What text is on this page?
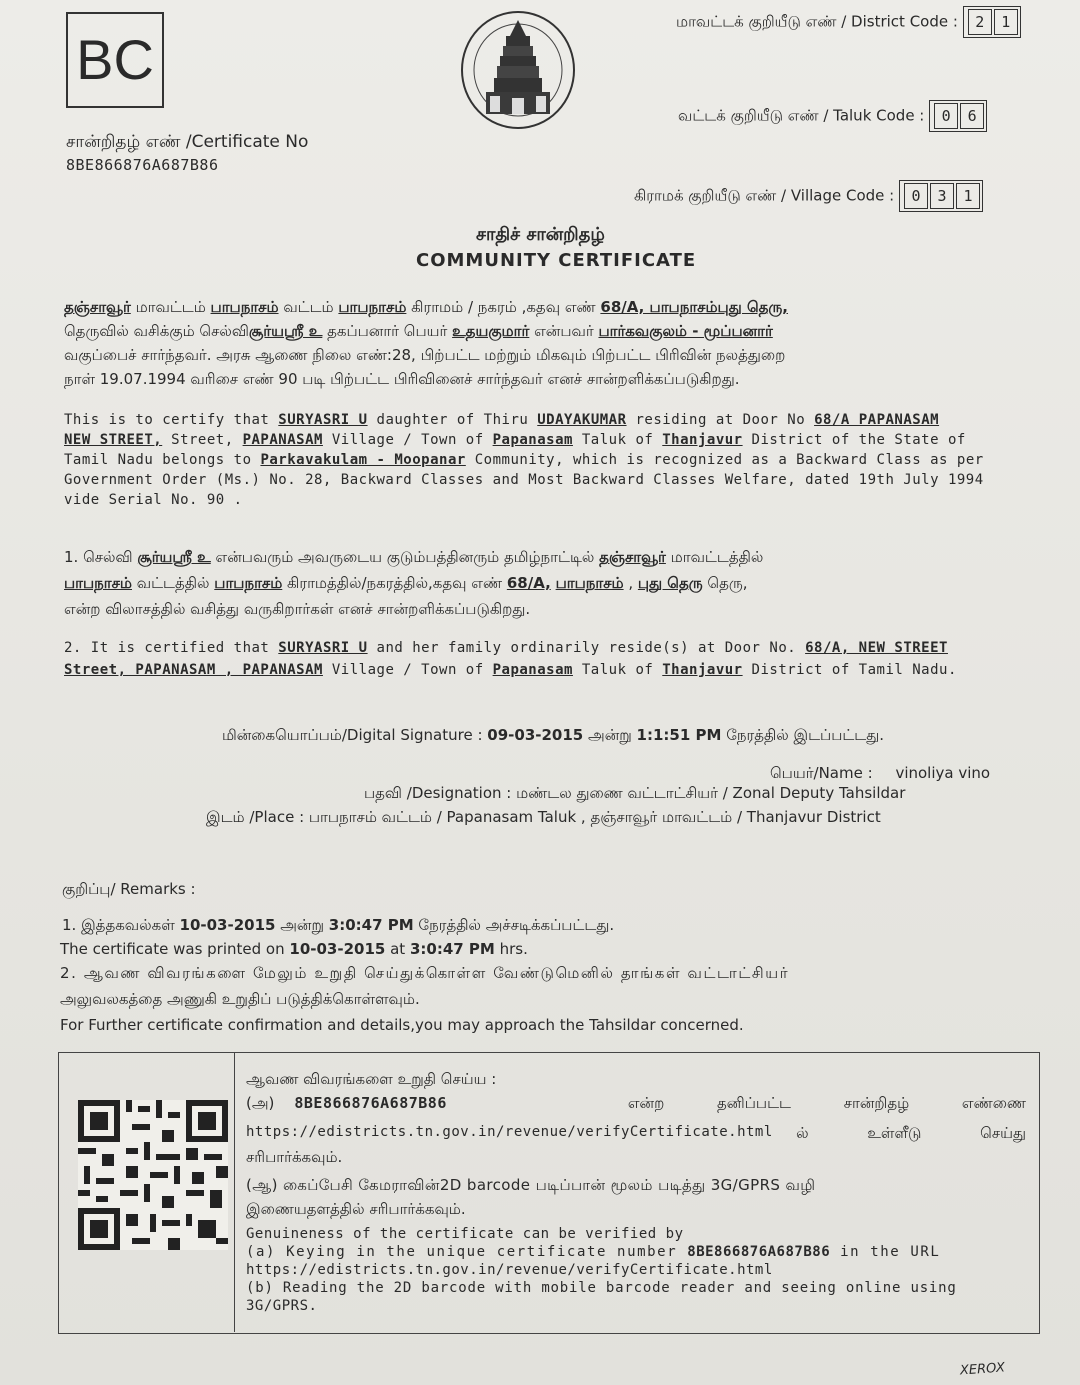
BC
மாவட்டக் குறியீடு எண் / District Code : 2 1
வட்டக் குறியீடு எண் / Taluk Code : 0 6
கிராமக் குறியீடு எண் / Village Code : 0 3 1
சான்றிதழ் எண் /Certificate No
8BE866876A687B86
சாதிச் சான்றிதழ்
COMMUNITY CERTIFICATE
தஞ்சாவூர் மாவட்டம் பாபநாசம் வட்டம் பாபநாசம் கிராமம் / நகரம் ,கதவு எண் 68/A, பாபநாசம்புது தெரு,
தெருவில் வசிக்கும் செல்விசூர்யஸ்ரீ உ தகப்பனார் பெயர் உதயகுமார் என்பவர் பார்கவகுலம் - மூப்பனார்
வகுப்பைச் சார்ந்தவர். அரசு ஆணை நிலை எண்:28, பிற்பட்ட மற்றும் மிகவும் பிற்பட்ட பிரிவின் நலத்துறை
நாள் 19.07.1994 வரிசை எண் 90 படி பிற்பட்ட பிரிவினைச் சார்ந்தவர் எனச் சான்றளிக்கப்படுகிறது.
This is to certify that SURYASRI U daughter of Thiru UDAYAKUMAR residing at Door No 68/A PAPANASAM
NEW STREET, Street, PAPANASAM Village / Town of Papanasam Taluk of Thanjavur District of the State of
Tamil Nadu belongs to Parkavakulam - Moopanar Community, which is recognized as a Backward Class as per
Government Order (Ms.) No. 28, Backward Classes and Most Backward Classes Welfare, dated 19th July 1994
vide Serial No. 90 .
1. செல்வி சூர்யஸ்ரீ உ என்பவரும் அவருடைய குடும்பத்தினரும் தமிழ்நாட்டில் தஞ்சாவூர் மாவட்டத்தில்
பாபநாசம் வட்டத்தில் பாபநாசம் கிராமத்தில்/நகரத்தில்,கதவு எண் 68/A, பாபநாசம் , புது தெரு தெரு,
என்ற விலாசத்தில் வசித்து வருகிறார்கள் எனச் சான்றளிக்கப்படுகிறது.
2. It is certified that SURYASRI U and her family ordinarily reside(s) at Door No. 68/A, NEW STREET
Street, PAPANASAM , PAPANASAM Village / Town of Papanasam Taluk of Thanjavur District of Tamil Nadu.
மின்கையொப்பம்/Digital Signature : 09-03-2015 அன்று 1:1:51 PM நேரத்தில் இடப்பட்டது.
பெயர்/Name : vinoliya vino
பதவி /Designation : மண்டல துணை வட்டாட்சியர் / Zonal Deputy Tahsildar
இடம் /Place : பாபநாசம் வட்டம் / Papanasam Taluk , தஞ்சாவூர் மாவட்டம் / Thanjavur District
குறிப்பு/ Remarks :
1. இத்தகவல்கள் 10-03-2015 அன்று 3:0:47 PM நேரத்தில் அச்சடிக்கப்பட்டது.
The certificate was printed on 10-03-2015 at 3:0:47 PM hrs.
2. ஆவண விவரங்களை மேலும் உறுதி செய்துக்கொள்ள வேண்டுமெனில் தாங்கள் வட்டாட்சியர்
அலுவலகத்தை அணுகி உறுதிப் படுத்திக்கொள்ளவும்.
For Further certificate confirmation and details,you may approach the Tahsildar concerned.
ஆவண விவரங்களை உறுதி செய்ய :
(அ) 8BE866876A687B86	என்ற தனிப்பட்ட சான்றிதழ் எண்ணை
https://edistricts.tn.gov.in/revenue/verifyCertificate.html ல் உள்ளீடு செய்து
சரிபார்க்கவும்.
(ஆ) கைப்பேசி கேமராவின்2D barcode படிப்பான் மூலம் படித்து 3G/GPRS வழி
இணையதளத்தில் சரிபார்க்கவும்.
Genuineness of the certificate can be verified by
(a) Keying in the unique certificate number 8BE866876A687B86 in the URL
https://edistricts.tn.gov.in/revenue/verifyCertificate.html
(b) Reading the 2D barcode with mobile barcode reader and seeing online using
3G/GPRS.
XEROX
